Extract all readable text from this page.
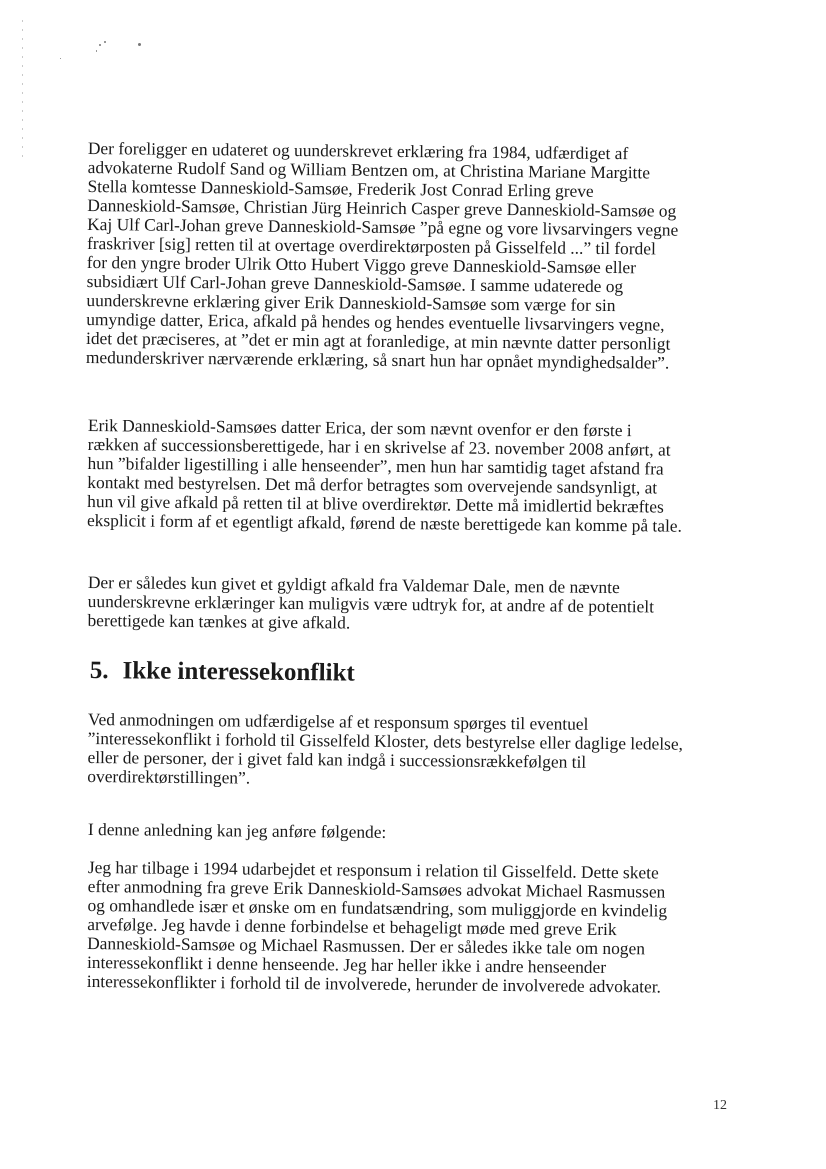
Der foreligger en udateret og uunderskrevet erklæring fra 1984, udfærdiget af
advokaterne Rudolf Sand og William Bentzen om, at Christina Mariane Margitte
Stella komtesse Danneskiold-Samsøe, Frederik Jost Conrad Erling greve
Danneskiold-Samsøe, Christian Jürg Heinrich Casper greve Danneskiold-Samsøe og
Kaj Ulf Carl-Johan greve Danneskiold-Samsøe ”på egne og vore livsarvingers vegne
fraskriver [sig] retten til at overtage overdirektørposten på Gisselfeld ...” til fordel
for den yngre broder Ulrik Otto Hubert Viggo greve Danneskiold-Samsøe eller
subsidiært Ulf Carl-Johan greve Danneskiold-Samsøe. I samme udaterede og
uunderskrevne erklæring giver Erik Danneskiold-Samsøe som værge for sin
umyndige datter, Erica, afkald på hendes og hendes eventuelle livsarvingers vegne,
idet det præciseres, at ”det er min agt at foranledige, at min nævnte datter personligt
medunderskriver nærværende erklæring, så snart hun har opnået myndighedsalder”.
Erik Danneskiold-Samsøes datter Erica, der som nævnt ovenfor er den første i
rækken af successionsberettigede, har i en skrivelse af 23. november 2008 anført, at
hun ”bifalder ligestilling i alle henseender”, men hun har samtidig taget afstand fra
kontakt med bestyrelsen. Det må derfor betragtes som overvejende sandsynligt, at
hun vil give afkald på retten til at blive overdirektør. Dette må imidlertid bekræftes
eksplicit i form af et egentligt afkald, førend de næste berettigede kan komme på tale.
Der er således kun givet et gyldigt afkald fra Valdemar Dale, men de nævnte
uunderskrevne erklæringer kan muligvis være udtryk for, at andre af de potentielt
berettigede kan tænkes at give afkald.
5. Ikke interessekonflikt
Ved anmodningen om udfærdigelse af et responsum spørges til eventuel
”interessekonflikt i forhold til Gisselfeld Kloster, dets bestyrelse eller daglige ledelse,
eller de personer, der i givet fald kan indgå i successionsrækkefølgen til
overdirektørstillingen”.
I denne anledning kan jeg anføre følgende:
Jeg har tilbage i 1994 udarbejdet et responsum i relation til Gisselfeld. Dette skete
efter anmodning fra greve Erik Danneskiold-Samsøes advokat Michael Rasmussen
og omhandlede især et ønske om en fundatsændring, som muliggjorde en kvindelig
arvefølge. Jeg havde i denne forbindelse et behageligt møde med greve Erik
Danneskiold-Samsøe og Michael Rasmussen. Der er således ikke tale om nogen
interessekonflikt i denne henseende. Jeg har heller ikke i andre henseender
interessekonflikter i forhold til de involverede, herunder de involverede advokater.
12
